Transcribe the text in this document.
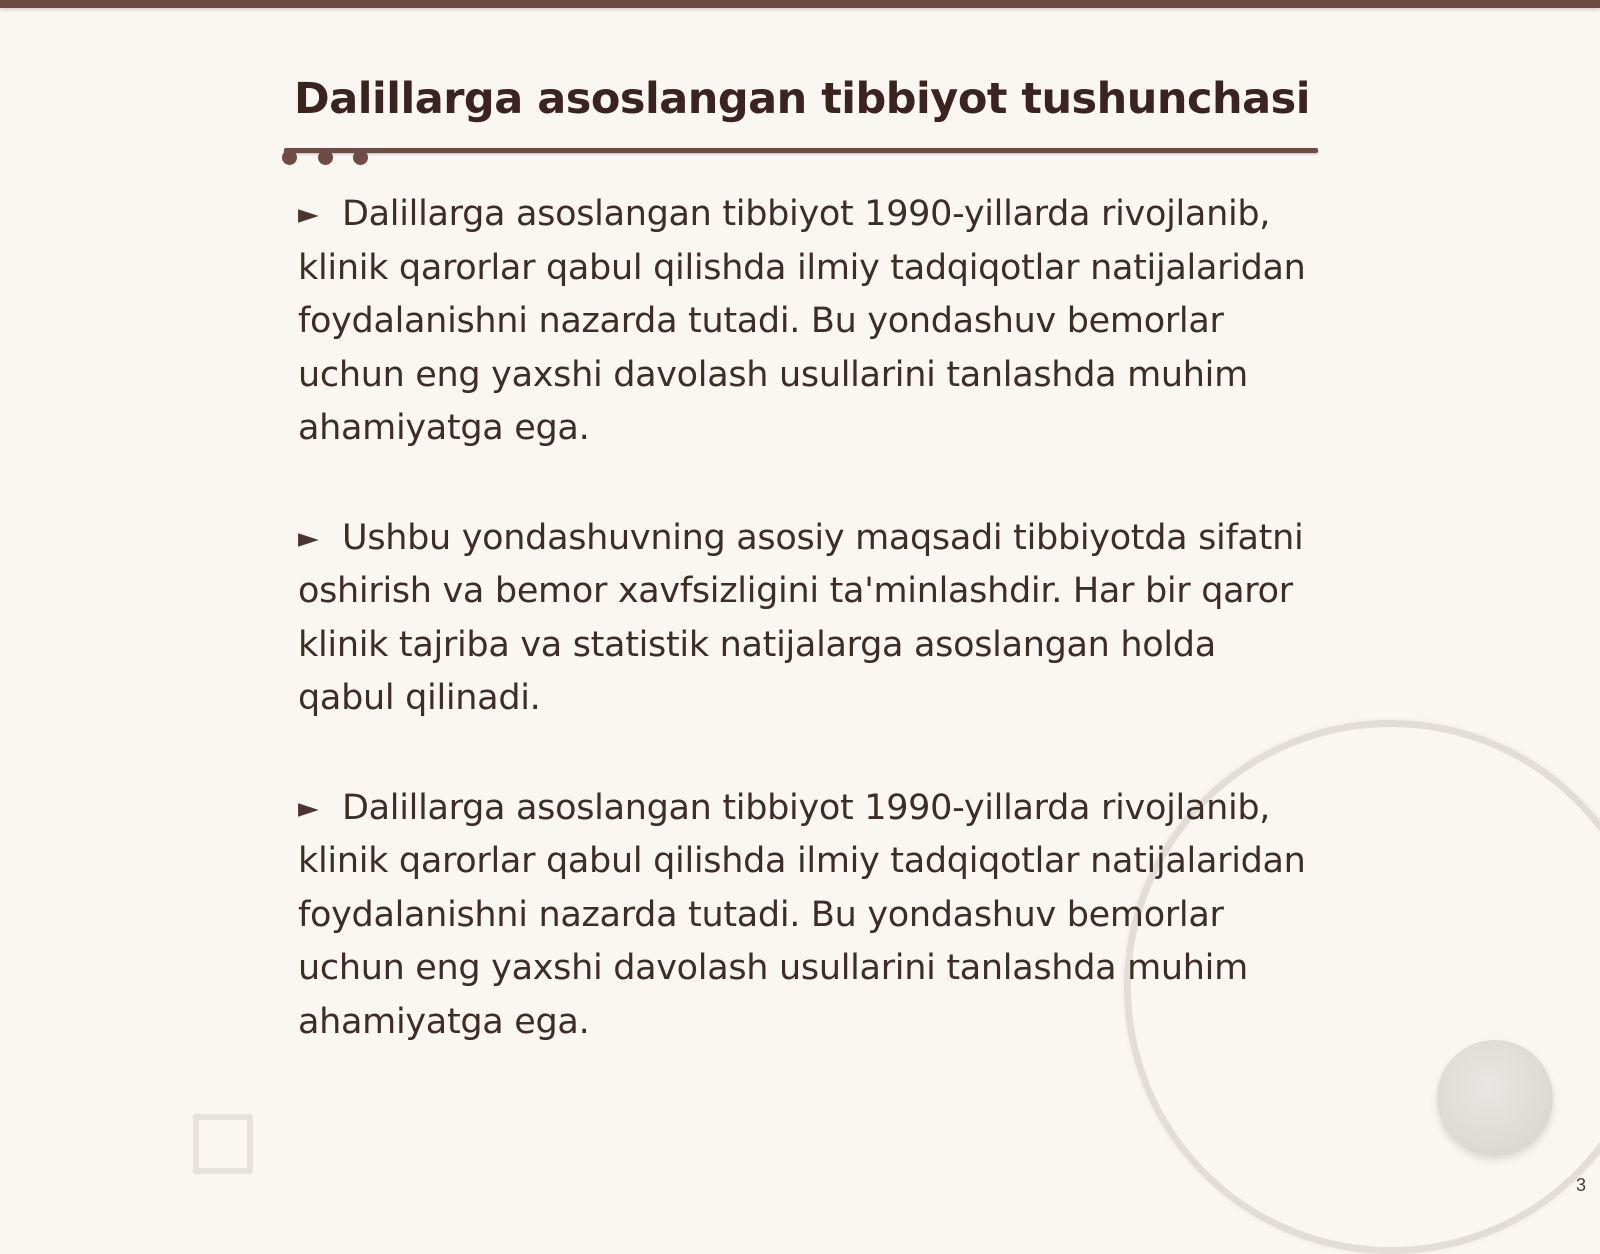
Dalillarga asoslangan tibbiyot tushunchasi

► Dalillarga asoslangan tibbiyot 1990-yillarda rivojlanib, klinik qarorlar qabul qilishda ilmiy tadqiqotlar natijalaridan foydalanishni nazarda tutadi. Bu yondashuv bemorlar uchun eng yaxshi davolash usullarini tanlashda muhim ahamiyatga ega.

► Ushbu yondashuvning asosiy maqsadi tibbiyotda sifatni oshirish va bemor xavfsizligini ta'minlashdir. Har bir qaror klinik tajriba va statistik natijalarga asoslangan holda qabul qilinadi.

► Dalillarga asoslangan tibbiyot 1990-yillarda rivojlanib, klinik qarorlar qabul qilishda ilmiy tadqiqotlar natijalaridan foydalanishni nazarda tutadi. Bu yondashuv bemorlar uchun eng yaxshi davolash usullarini tanlashda muhim ahamiyatga ega.

3
